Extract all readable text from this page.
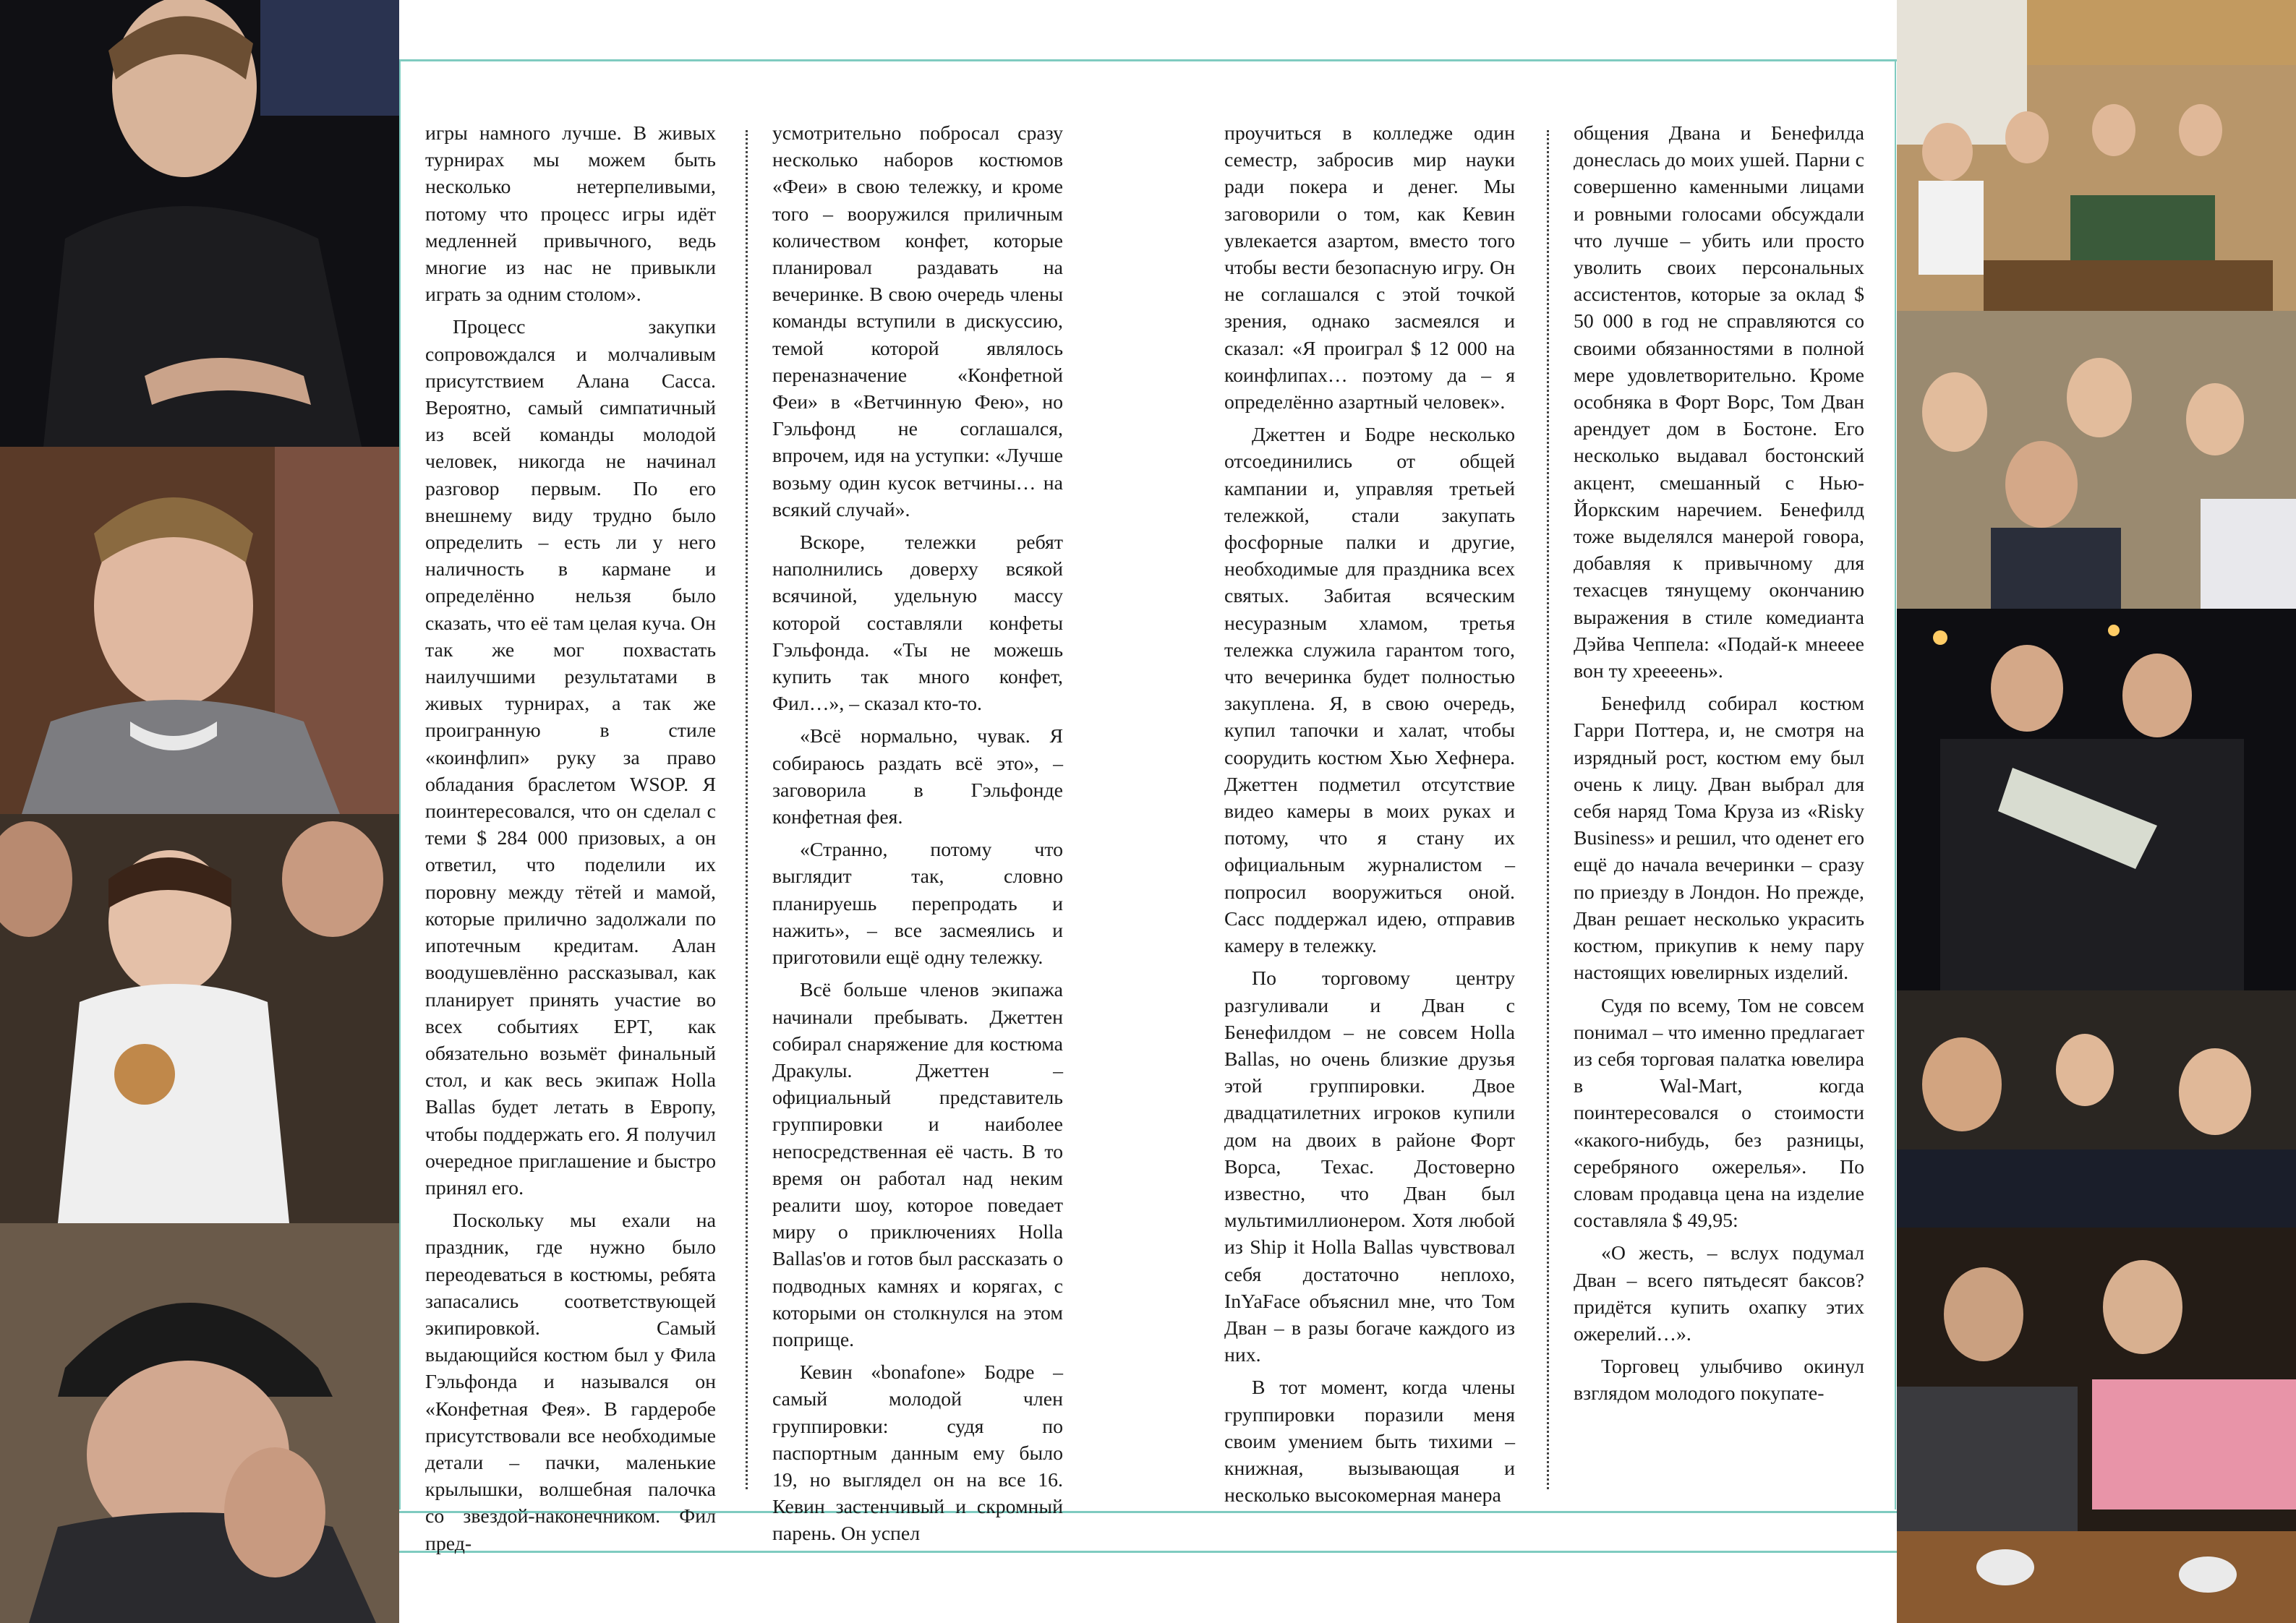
игры намного лучше. В живых турнирах мы можем быть несколько нетерпеливыми, потому что процесс игры идёт медленней привычного, ведь многие из нас не привыкли играть за одним столом».

Процесс закупки сопровождался и молчаливым присутствием Алана Сасса. Вероятно, самый симпатичный из всей команды молодой человек, никогда не начинал разговор первым. По его внешнему виду трудно было определить – есть ли у него наличность в кармане и определённо нельзя было сказать, что её там целая куча. Он так же мог похвастать наилучшими результатами в живых турнирах, а так же проигранную в стиле «коинфлип» руку за право обладания браслетом WSOP. Я поинтересовался, что он сделал с теми $ 284 000 призовых, а он ответил, что поделили их поровну между тётей и мамой, которые прилично задолжали по ипотечным кредитам. Алан воодушевлённо рассказывал, как планирует принять участие во всех событиях EPT, как обязательно возьмёт финальный стол, и как весь экипаж Holla Ballas будет летать в Европу, чтобы поддержать его. Я получил очередное приглашение и быстро принял его.

Поскольку мы ехали на праздник, где нужно было переодеваться в костюмы, ребята запасались соответствующей экипировкой. Самый выдающийся костюм был у Фила Гэльфонда и назывался он «Конфетная Фея». В гардеробе присутствовали все необходимые детали – пачки, маленькие крылышки, волшебная палочка со звездой-наконечником. Фил пред-

усмотрительно побросал сразу несколько наборов костюмов «Феи» в свою тележку, и кроме того – вооружился приличным количеством конфет, которые планировал раздавать на вечеринке. В свою очередь члены команды вступили в дискуссию, темой которой являлось переназначение «Конфетной Феи» в «Ветчинную Фею», но Гэльфонд не соглашался, впрочем, идя на уступки: «Лучше возьму один кусок ветчины… на всякий случай».

Вскоре, тележки ребят наполнились доверху всякой всячиной, удельную массу которой составляли конфеты Гэльфонда. «Ты не можешь купить так много конфет, Фил…», – сказал кто-то.

«Всё нормально, чувак. Я собираюсь раздать всё это», – заговорила в Гэльфонде конфетная фея.

«Странно, потому что выглядит так, словно планируешь перепродать и нажить», – все засмеялись и приготовили ещё одну тележку.

Всё больше членов экипажа начинали пребывать. Джеттен собирал снаряжение для костюма Дракулы. Джеттен – официальный представитель группировки и наиболее непосредственная её часть. В то время он работал над неким реалити шоу, которое поведает миру о приключениях Holla Ballas'ов и готов был рассказать о подводных камнях и корягах, с которыми он столкнулся на этом поприще.

Кевин «bonafone» Бодре – самый молодой член группировки: судя по паспортным данным ему было 19, но выглядел он на все 16. Кевин застенчивый и скромный парень. Он успел

проучиться в колледже один семестр, забросив мир науки ради покера и денег. Мы заговорили о том, как Кевин увлекается азартом, вместо того чтобы вести безопасную игру. Он не соглашался с этой точкой зрения, однако засмеялся и сказал: «Я проиграл $ 12 000 на коинфлипах… поэтому да – я определённо азартный человек».

Джеттен и Бодре несколько отсоединились от общей кампании и, управляя третьей тележкой, стали закупать фосфорные палки и другие, необходимые для праздника всех святых. Забитая всяческим несуразным хламом, третья тележка служила гарантом того, что вечеринка будет полностью закуплена. Я, в свою очередь, купил тапочки и халат, чтобы соорудить костюм Хью Хефнера. Джеттен подметил отсутствие видео камеры в моих руках и потому, что я стану их официальным журналистом – попросил вооружиться оной. Сасс поддержал идею, отправив камеру в тележку.

По торговому центру разгуливали и Дван с Бенефилдом – не совсем Holla Ballas, но очень близкие друзья этой группировки. Двое двадцатилетних игроков купили дом на двоих в районе Форт Ворса, Техас. Достоверно известно, что Дван был мультимиллионером. Хотя любой из Ship it Holla Ballas чувствовал себя достаточно неплохо, InYaFace объяснил мне, что Том Дван – в разы богаче каждого из них.

В тот момент, когда члены группировки поразили меня своим умением быть тихими – книжная, вызывающая и несколько высокомерная манера

общения Двана и Бенефилда донеслась до моих ушей. Парни с совершенно каменными лицами и ровными голосами обсуждали что лучше – убить или просто уволить своих персональных ассистентов, которые за оклад $ 50 000 в год не справляются со своими обязанностями в полной мере удовлетворительно. Кроме особняка в Форт Ворс, Том Дван арендует дом в Бостоне. Его несколько выдавал бостонский акцент, смешанный с Нью-Йоркским наречием. Бенефилд тоже выделялся манерой говора, добавляя к привычному для техасцев тянущему окончанию выражения в стиле комедианта Дэйва Чеппела: «Подай-к мнееее вон ту хреееень».

Бенефилд собирал костюм Гарри Поттера, и, не смотря на изрядный рост, костюм ему был очень к лицу. Дван выбрал для себя наряд Тома Круза из «Risky Business» и решил, что оденет его ещё до начала вечеринки – сразу по приезду в Лондон. Но прежде, Дван решает несколько украсить костюм, прикупив к нему пару настоящих ювелирных изделий.

Судя по всему, Том не совсем понимал – что именно предлагает из себя торговая палатка ювелира в Wal-Mart, когда поинтересовался о стоимости «какого-нибудь, без разницы, серебряного ожерелья». По словам продавца цена на изделие составляла $ 49,95:

«О жесть, – вслух подумал Дван – всего пятьдесят баксов? придётся купить охапку этих ожерелий…».

Торговец улыбчиво окинул взглядом молодого покупате-
